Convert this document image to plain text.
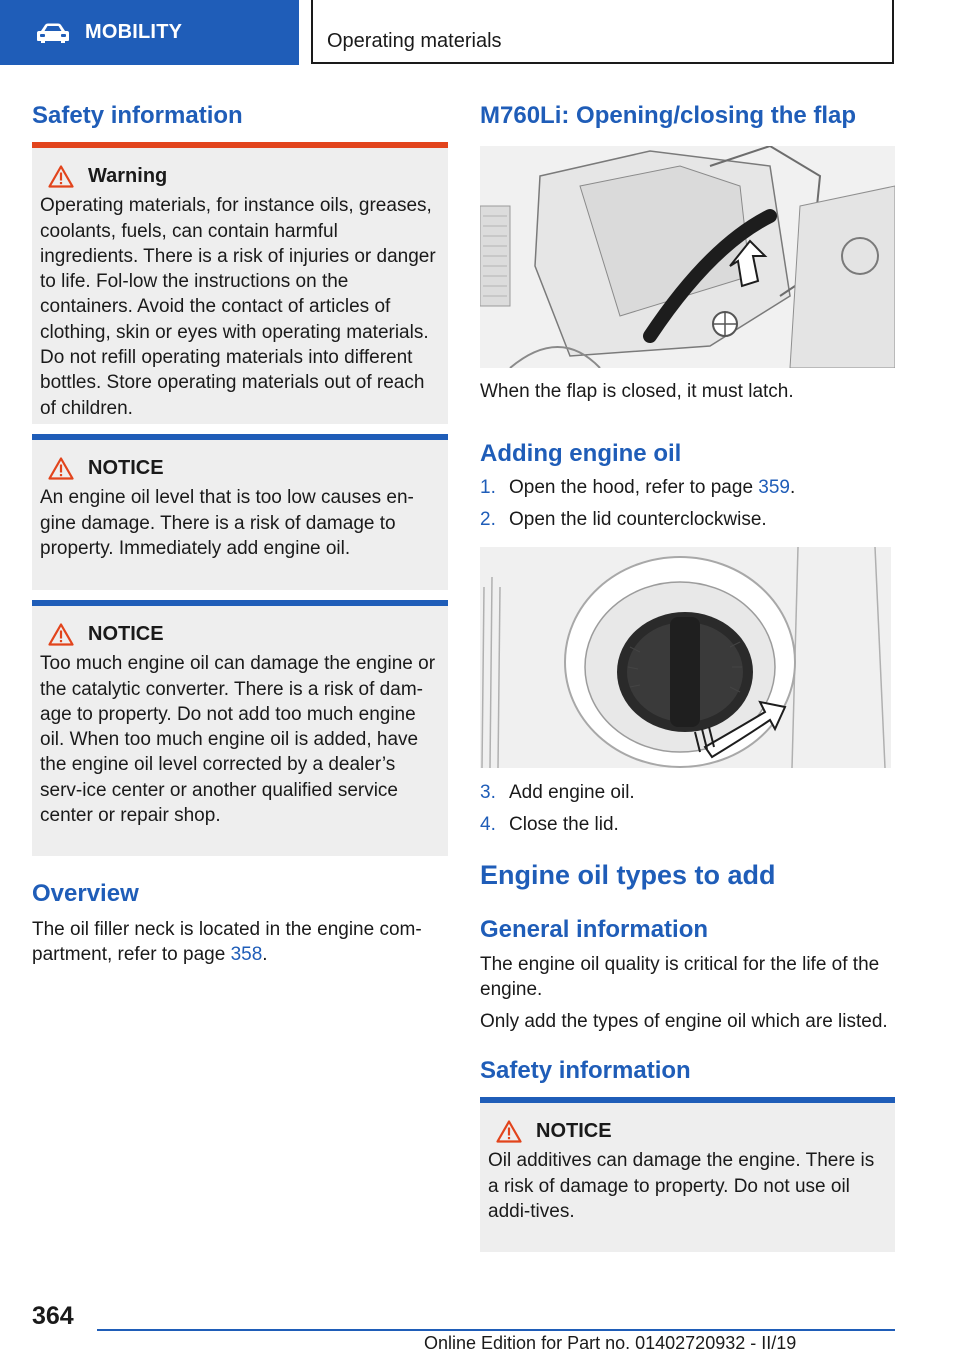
MOBILITY	Operating materials
Safety information
Warning
Operating materials, for instance oils, greases, coolants, fuels, can contain harmful ingredients. There is a risk of injuries or danger to life. Fol-low the instructions on the containers. Avoid the contact of articles of clothing, skin or eyes with operating materials. Do not refill operating materials into different bottles. Store operating materials out of reach of children.
NOTICE
An engine oil level that is too low causes en-gine damage. There is a risk of damage to property. Immediately add engine oil.
NOTICE
Too much engine oil can damage the engine or the catalytic converter. There is a risk of dam-age to property. Do not add too much engine oil. When too much engine oil is added, have the engine oil level corrected by a dealer’s serv-ice center or another qualified service center or repair shop.
Overview
The oil filler neck is located in the engine com-partment, refer to page 358.
M760Li: Opening/closing the flap
When the flap is closed, it must latch.
Adding engine oil
1. Open the hood, refer to page 359.
2. Open the lid counterclockwise.
3. Add engine oil.
4. Close the lid.
Engine oil types to add
General information
The engine oil quality is critical for the life of the engine.
Only add the types of engine oil which are listed.
Safety information
NOTICE
Oil additives can damage the engine. There is a risk of damage to property. Do not use oil addi-tives.
364
Online Edition for Part no. 01402720932 - II/19
